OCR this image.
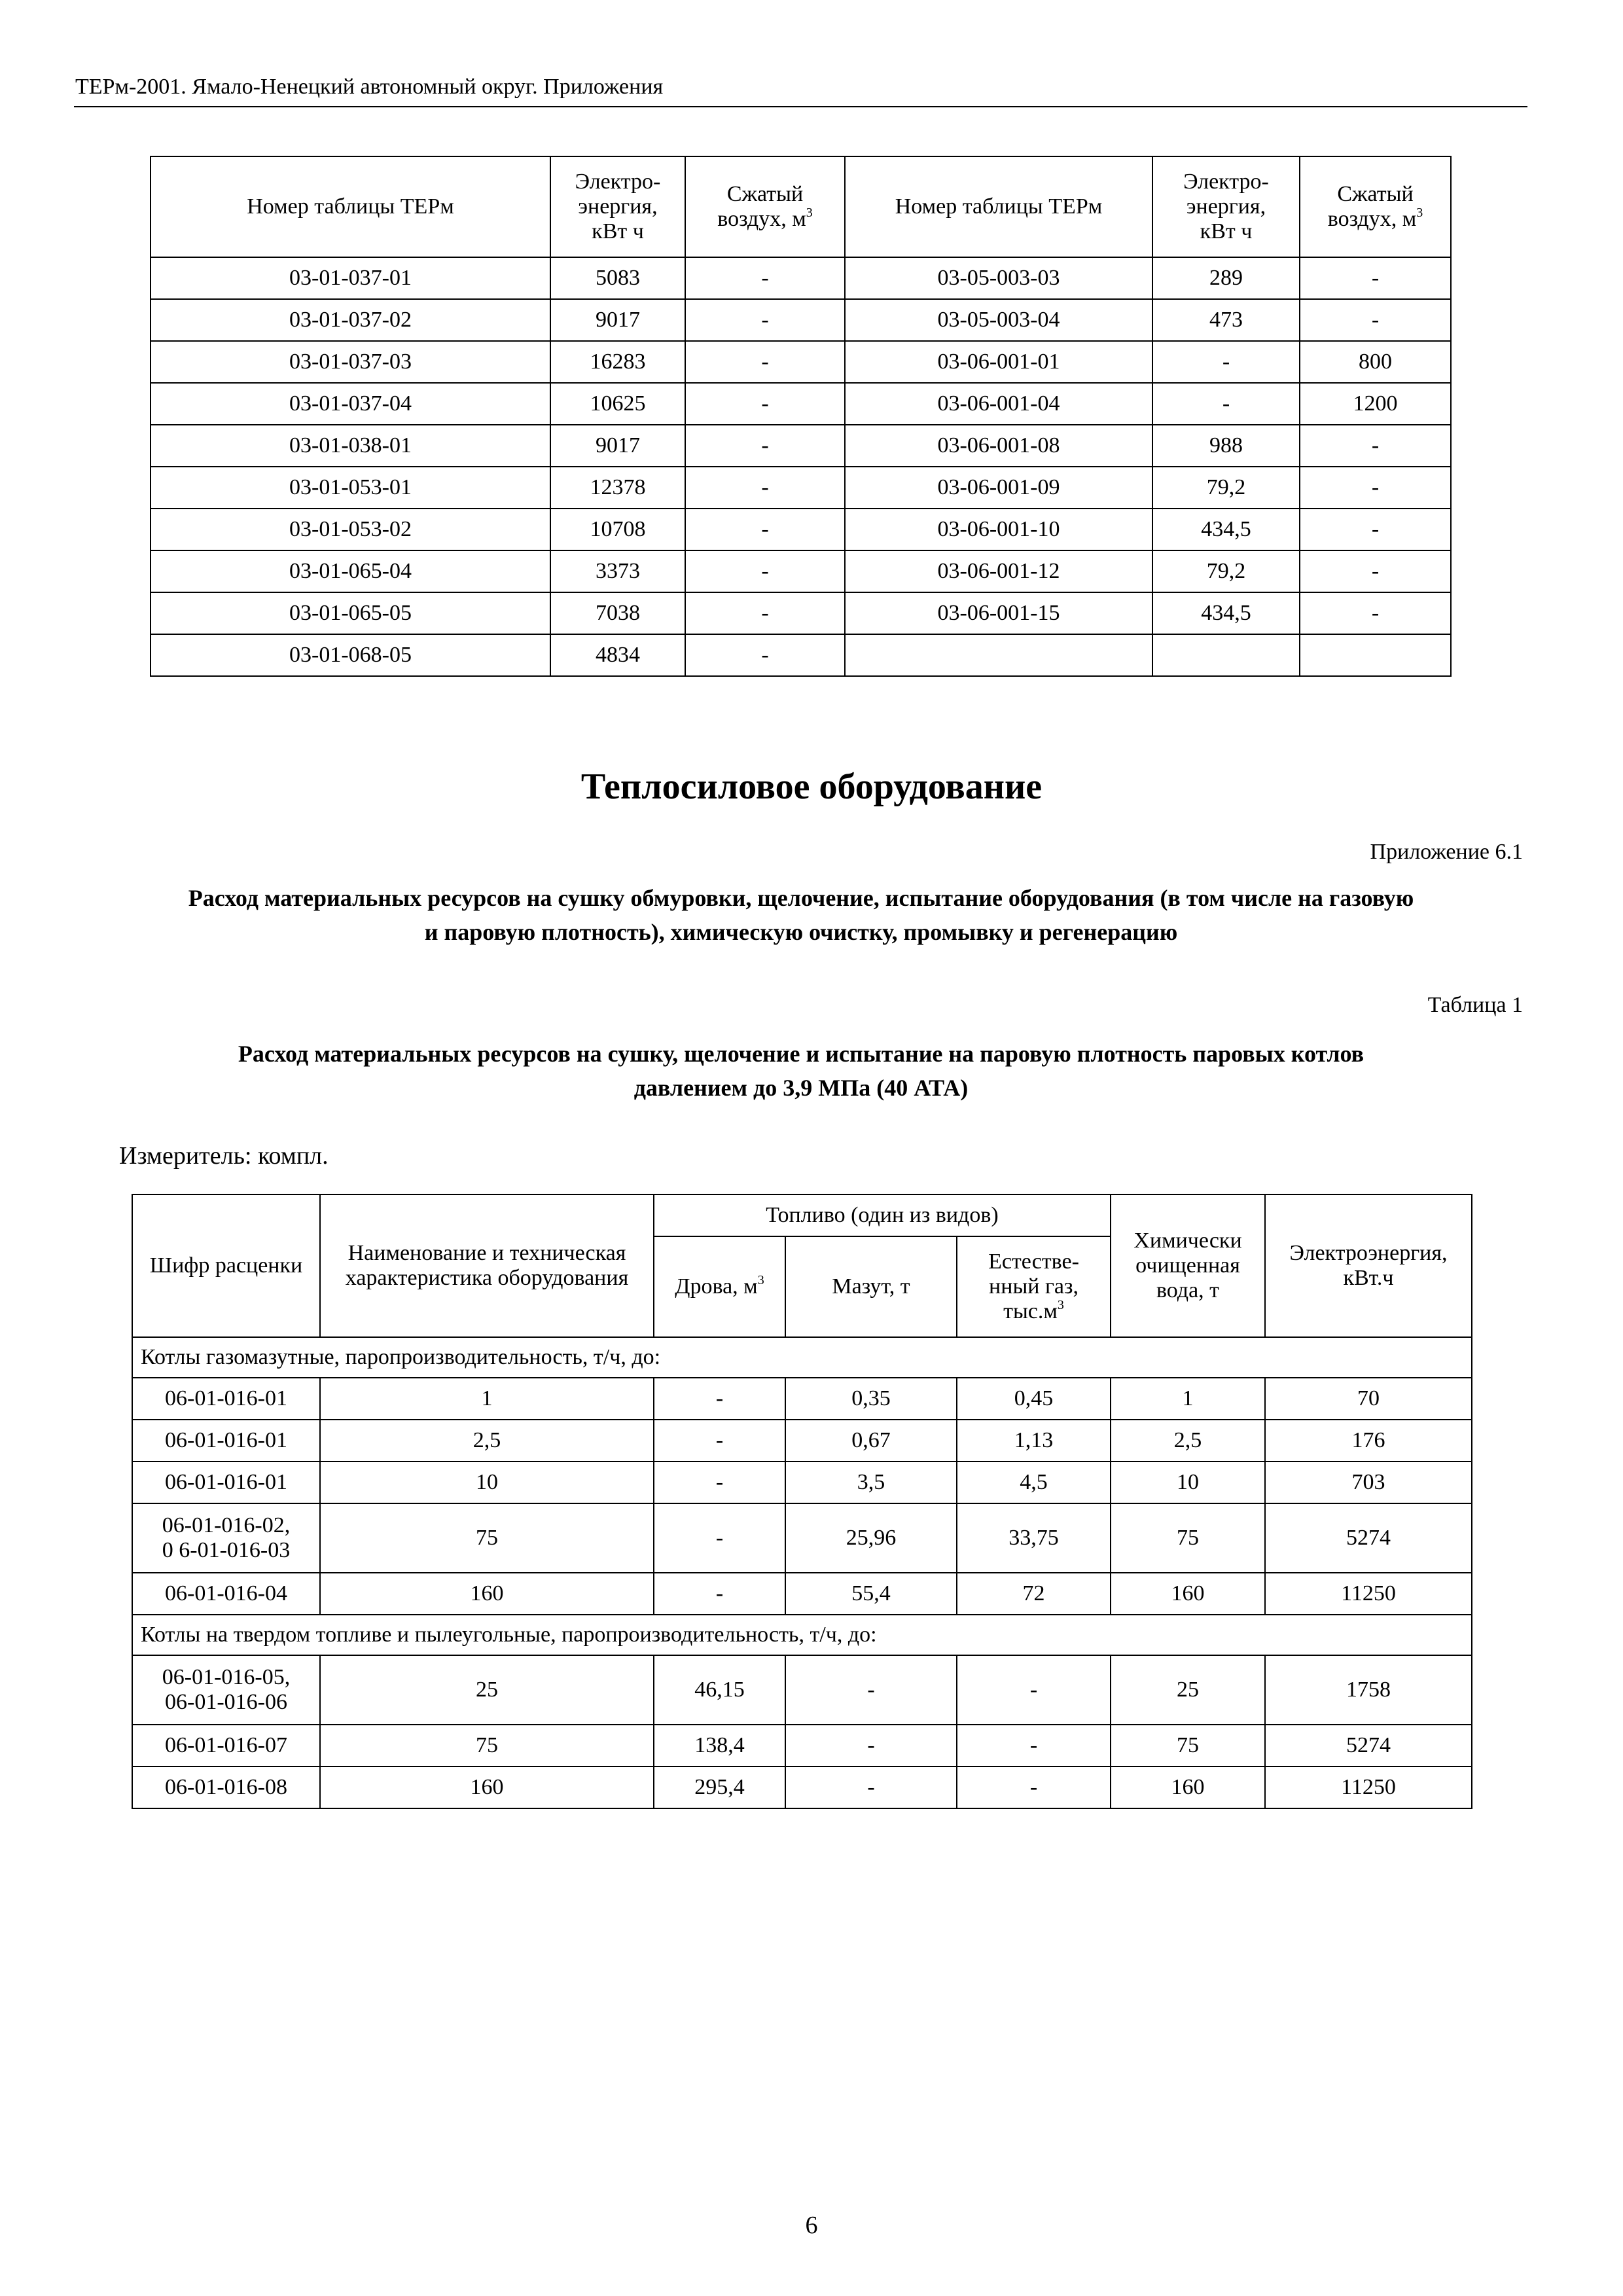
ТЕРм-2001. Ямало-Ненецкий автономный округ. Приложения
Номер таблицы ТЕРм	Электро-
энергия,
кВт ч	Сжатый
воздух, $м^3$	Номер таблицы ТЕРм	Электро-
энергия,
кВт ч	Сжатый
воздух, $м^3$
03-01-037-01	5083	-	03-05-003-03	289	-
03-01-037-02	9017	-	03-05-003-04	473	-
03-01-037-03	16283	-	03-06-001-01	-	800
03-01-037-04	10625	-	03-06-001-04	-	1200
03-01-038-01	9017	-	03-06-001-08	988	-
03-01-053-01	12378	-	03-06-001-09	79,2	-
03-01-053-02	10708	-	03-06-001-10	434,5	-
03-01-065-04	3373	-	03-06-001-12	79,2	-
03-01-065-05	7038	-	03-06-001-15	434,5	-
03-01-068-05	4834	-			
Теплосиловое оборудование
Приложение 6.1
Расход материальных ресурсов на сушку обмуровки, щелочение, испытание оборудования (в том числе на газовую
и паровую плотность), химическую очистку, промывку и регенерацию
Таблица 1
Расход материальных ресурсов на сушку, щелочение и испытание на паровую плотность паровых котлов
давлением до 3,9 МПа (40 АТА)
Измеритель: компл.
Шифр расценки	Наименование и техническая
характеристика оборудования	Топливо (один из видов)			Химически
очищенная
вода, т	Электроэнергия,
кВт.ч
		Дрова, $м^3$	Мазут, т	Естестве-
нный газ,
$тыс.м^3$
Котлы газомазутные, паропроизводительность, т/ч, до:						
06-01-016-01	1	-	0,35	0,45	1	70
06-01-016-01	2,5	-	0,67	1,13	2,5	176
06-01-016-01	10	-	3,5	4,5	10	703
06-01-016-02,
0 6-01-016-03	75	-	25,96	33,75	75	5274
06-01-016-04	160	-	55,4	72	160	11250
Котлы на твердом топливе и пылеугольные, паропроизводительность, т/ч, до:						
06-01-016-05,
06-01-016-06	25	46,15	-	-	25	1758
06-01-016-07	75	138,4	-	-	75	5274
06-01-016-08	160	295,4	-	-	160	11250
6
